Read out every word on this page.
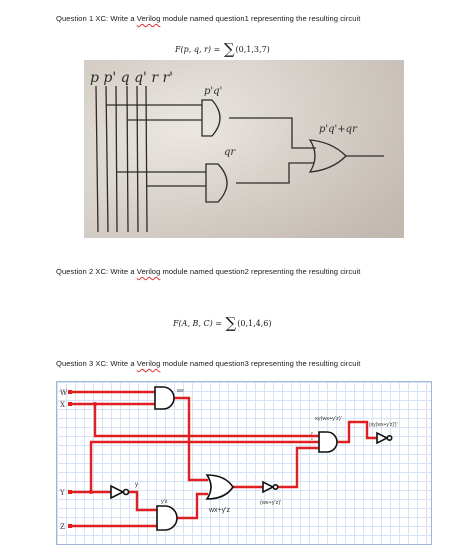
Question 1 XC: Write a Verilog module named question1 representing the resulting circuit
F(p, q, r) = ∑(0,1,3,7)
p p' q q' r r'
p'q'
qr
p'q'+qr
Question 2 XC: Write a Verilog module named question2 representing the resulting circuit
F(A, B, C) = ∑(0,1,4,6)
Question 3 XC: Write a Verilog module named question3 representing the resulting circuit
W
X
Y
Z
wx
y
y'z
wx+y'z
(wx+y'z)'
xy(wx+y'z)'
(xy(wx+y'z)')'
y
x
